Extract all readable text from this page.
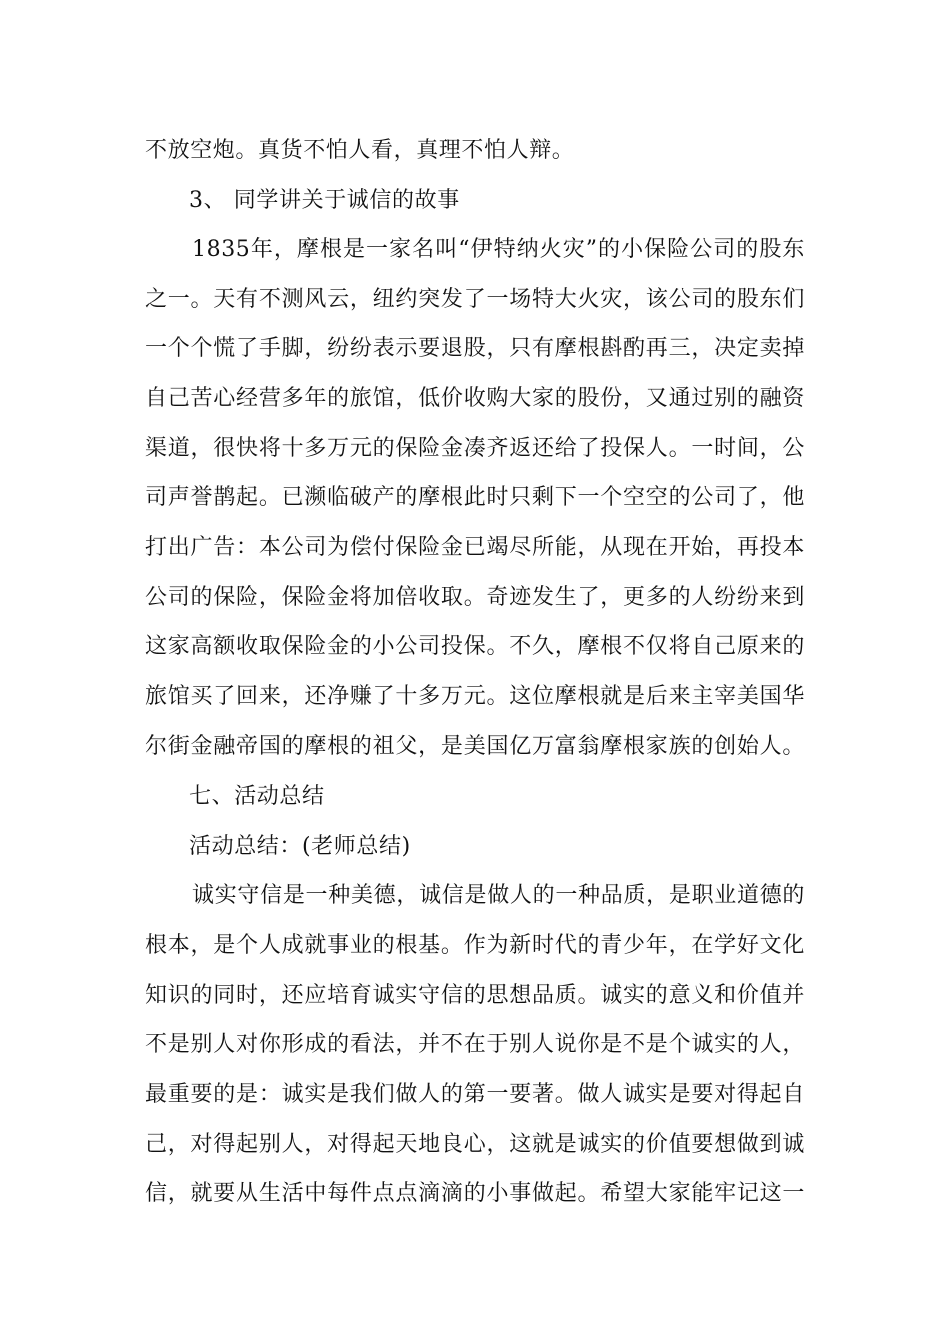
不放空炮。真货不怕人看，真理不怕人辩。

3、 同学讲关于诚信的故事

1835年，摩根是一家名叫“伊特纳火灾”的小保险公司的股东

之一。天有不测风云，纽约突发了一场特大火灾，该公司的股东们

一个个慌了手脚，纷纷表示要退股，只有摩根斟酌再三，决定卖掉

自己苦心经营多年的旅馆，低价收购大家的股份，又通过别的融资

渠道，很快将十多万元的保险金凑齐返还给了投保人。一时间，公

司声誉鹊起。已濒临破产的摩根此时只剩下一个空空的公司了，他

打出广告：本公司为偿付保险金已竭尽所能，从现在开始，再投本

公司的保险，保险金将加倍收取。奇迹发生了，更多的人纷纷来到

这家高额收取保险金的小公司投保。不久，摩根不仅将自己原来的

旅馆买了回来，还净赚了十多万元。这位摩根就是后来主宰美国华

尔街金融帝国的摩根的祖父，是美国亿万富翁摩根家族的创始人。

七、活动总结

活动总结：(老师总结)

诚实守信是一种美德，诚信是做人的一种品质，是职业道德的

根本，是个人成就事业的根基。作为新时代的青少年，在学好文化

知识的同时，还应培育诚实守信的思想品质。诚实的意义和价值并

不是别人对你形成的看法，并不在于别人说你是不是个诚实的人，

最重要的是：诚实是我们做人的第一要著。做人诚实是要对得起自

己，对得起别人，对得起天地良心，这就是诚实的价值要想做到诚

信，就要从生活中每件点点滴滴的小事做起。希望大家能牢记这一
